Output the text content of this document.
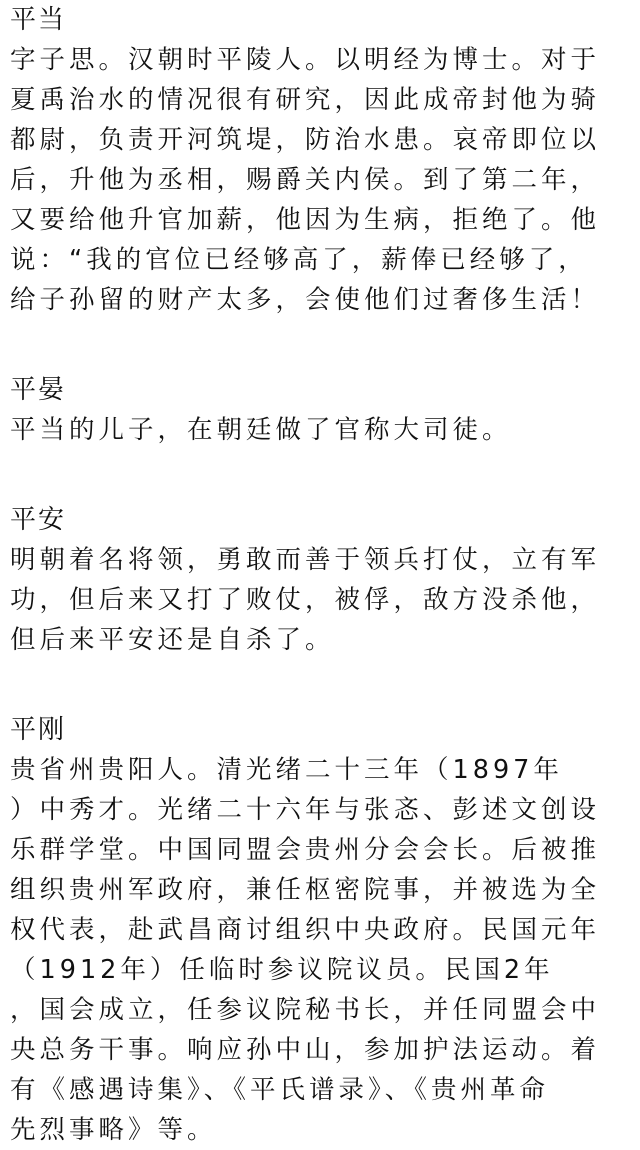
平当
字子思。汉朝时平陵人。以明经为博士。对于
夏禹治水的情况很有研究，因此成帝封他为骑
都尉，负责开河筑堤，防治水患。哀帝即位以
后，升他为丞相，赐爵关内侯。到了第二年，
又要给他升官加薪，他因为生病，拒绝了。他
说：“我的官位已经够高了，薪俸已经够了，
给子孙留的财产太多，会使他们过奢侈生活！
平晏
平当的儿子，在朝廷做了官称大司徒。
平安
明朝着名将领，勇敢而善于领兵打仗，立有军
功，但后来又打了败仗，被俘，敌方没杀他，
但后来平安还是自杀了。
平刚
贵省州贵阳人。清光绪二十三年（1897年
）中秀才。光绪二十六年与张忞、彭述文创设
乐群学堂。中国同盟会贵州分会会长。后被推
组织贵州军政府，兼任枢密院事，并被选为全
权代表，赴武昌商讨组织中央政府。民国元年
（1912年）任临时参议院议员。民国2年
，国会成立，任参议院秘书长，并任同盟会中
央总务干事。响应孙中山，参加护法运动。着
有《感遇诗集》、《平氏谱录》、《贵州革命
先烈事略》等。
